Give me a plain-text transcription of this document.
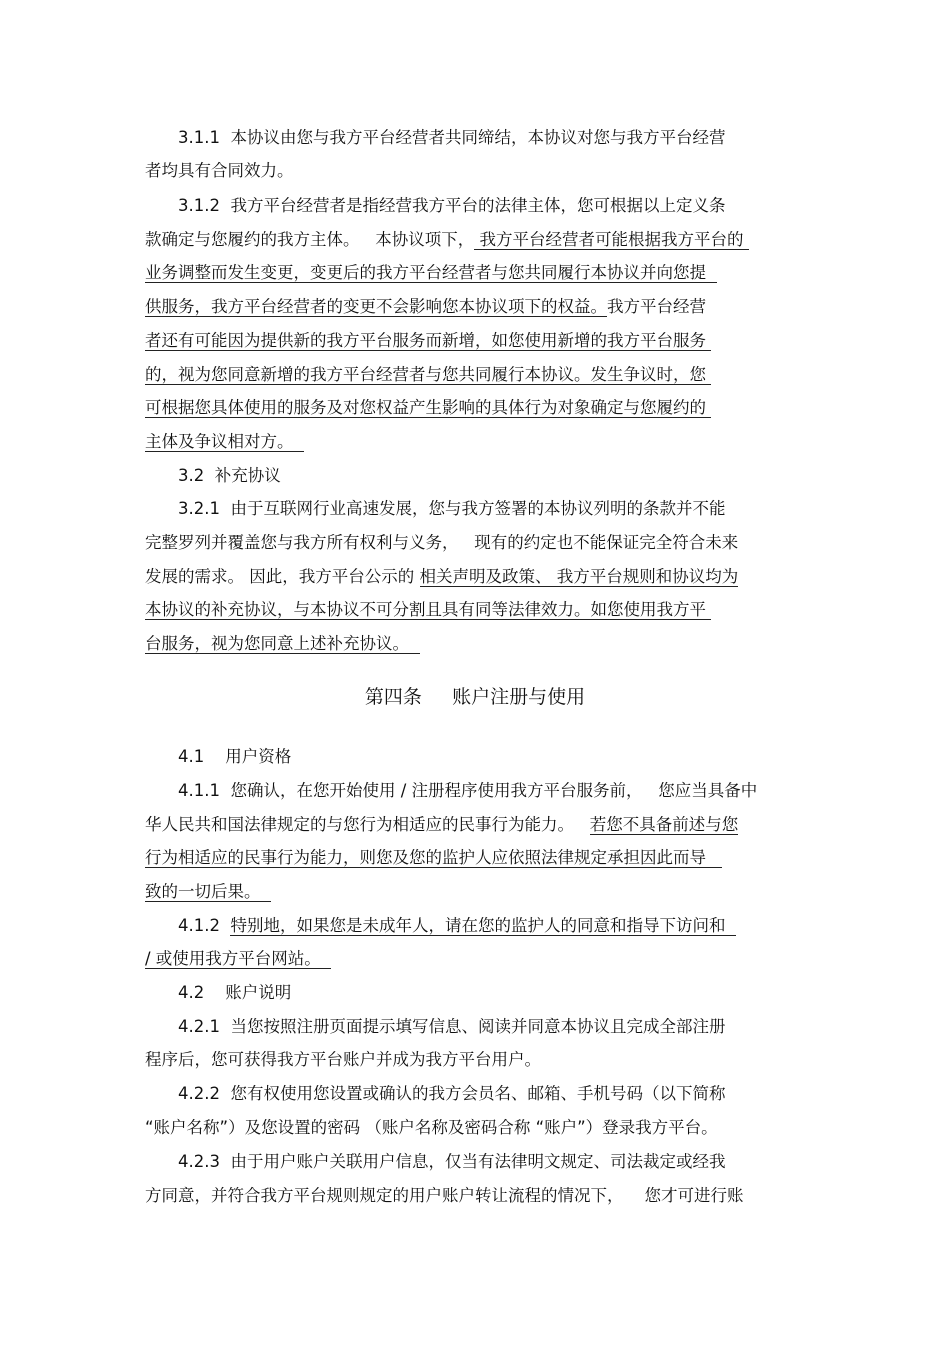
3.1.1  本协议由您与我方平台经营者共同缔结，本协议对您与我方平台经营
者均具有合同效力。
3.1.2  我方平台经营者是指经营我方平台的法律主体，您可根据以上定义条
款确定与您履约的我方主体。   本协议项下， 我方平台经营者可能根据我方平台的
业务调整而发生变更，变更后的我方平台经营者与您共同履行本协议并向您提
供服务，我方平台经营者的变更不会影响您本协议项下的权益。我方平台经营
者还有可能因为提供新的我方平台服务而新增，如您使用新增的我方平台服务
的，视为您同意新增的我方平台经营者与您共同履行本协议。发生争议时，您
可根据您具体使用的服务及对您权益产生影响的具体行为对象确定与您履约的
主体及争议相对方。
3.2  补充协议
3.2.1  由于互联网行业高速发展，您与我方签署的本协议列明的条款并不能
完整罗列并覆盖您与我方所有权利与义务，   现有的约定也不能保证完全符合未来
发展的需求。 因此，我方平台公示的 相关声明及政策、 我方平台规则和协议均为
本协议的补充协议，与本协议不可分割且具有同等法律效力。如您使用我方平
台服务，视为您同意上述补充协议。
第四条 账户注册与使用
4.1    用户资格
4.1.1  您确认，在您开始使用 / 注册程序使用我方平台服务前，   您应当具备中
华人民共和国法律规定的与您行为相适应的民事行为能力。   若您不具备前述与您
行为相适应的民事行为能力，则您及您的监护人应依照法律规定承担因此而导
致的一切后果。
4.1.2  特别地，如果您是未成年人，请在您的监护人的同意和指导下访问和
/ 或使用我方平台网站。
4.2    账户说明
4.2.1  当您按照注册页面提示填写信息、阅读并同意本协议且完成全部注册
程序后，您可获得我方平台账户并成为我方平台用户。
4.2.2  您有权使用您设置或确认的我方会员名、邮箱、手机号码（以下简称
“账户名称”）及您设置的密码 （账户名称及密码合称 “账户”）登录我方平台。
4.2.3  由于用户账户关联用户信息，仅当有法律明文规定、司法裁定或经我
方同意，并符合我方平台规则规定的用户账户转让流程的情况下，    您才可进行账
